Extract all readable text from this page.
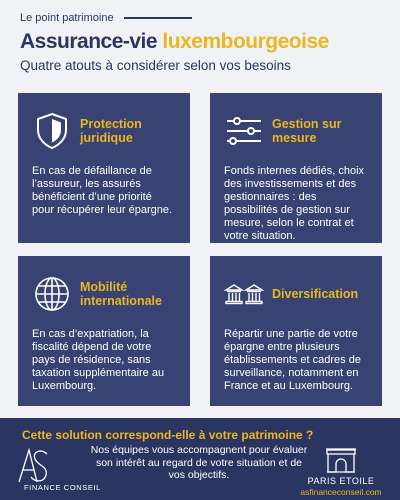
Le point patrimoine
Assurance-vie luxembourgeoise
Quatre atouts à considérer selon vos besoins
Protection
juridique
En cas de défaillance de l’assureur, les assurés bénéficient d’une priorité pour récupérer leur épargne.
Gestion sur
mesure
Fonds internes dédiés, choix des investissements et des gestionnaires : des possibilités de gestion sur mesure, selon le contrat et votre situation.
Mobilité
internationale
En cas d’expatriation, la fiscalité dépend de votre pays de résidence, sans taxation supplémentaire au Luxembourg.
Diversification
Répartir une partie de votre épargne entre plusieurs établissements et cadres de surveillance, notamment en France et au Luxembourg.
Cette solution correspond-elle à votre patrimoine ?
FINANCE CONSEIL
Nos équipes vous accompagnent pour évaluer son intérêt au regard de votre situation et de vos objectifs.	PARIS ETOILE
asfinanceconseil.com
